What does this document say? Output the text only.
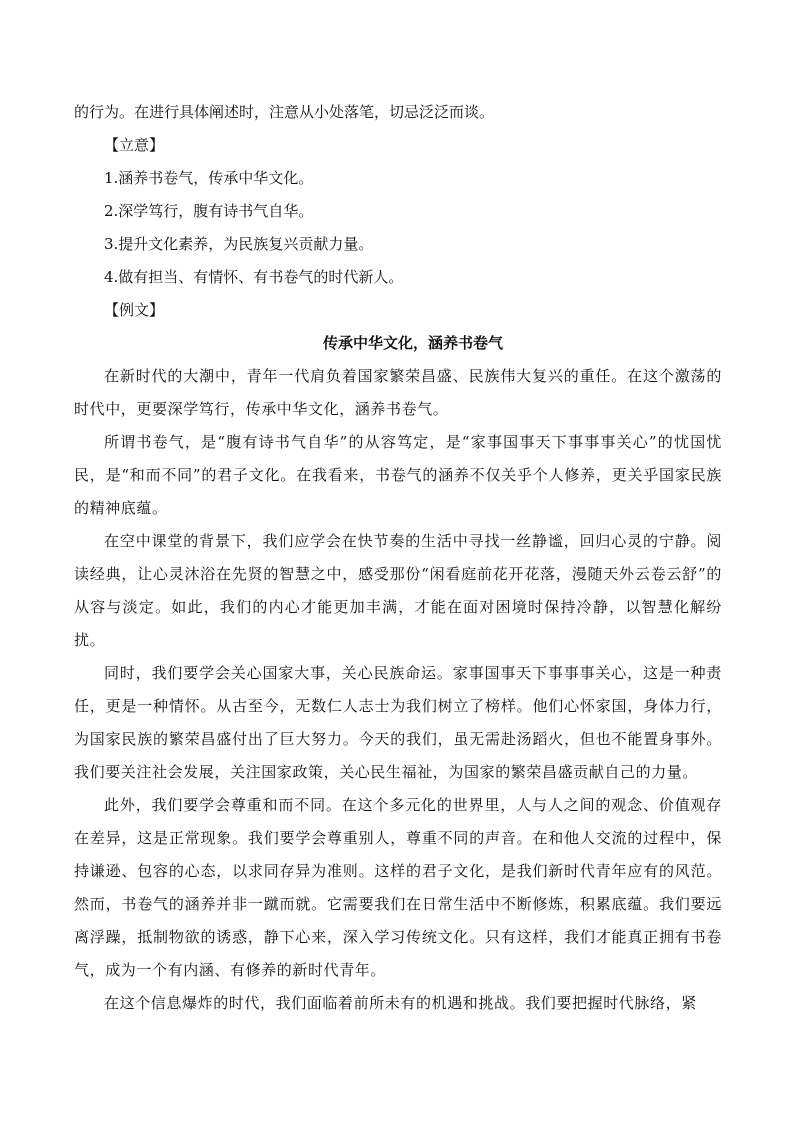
的行为。在进行具体阐述时，注意从小处落笔，切忌泛泛而谈。

【立意】

1.涵养书卷气，传承中华文化。

2.深学笃行，腹有诗书气自华。

3.提升文化素养，为民族复兴贡献力量。

4.做有担当、有情怀、有书卷气的时代新人。

【例文】

传承中华文化，涵养书卷气

在新时代的大潮中，青年一代肩负着国家繁荣昌盛、民族伟大复兴的重任。在这个激荡的时代中，更要深学笃行，传承中华文化，涵养书卷气。

所谓书卷气，是“腹有诗书气自华”的从容笃定，是“家事国事天下事事事关心”的忧国忧民，是“和而不同”的君子文化。在我看来，书卷气的涵养不仅关乎个人修养，更关乎国家民族的精神底蕴。

在空中课堂的背景下，我们应学会在快节奏的生活中寻找一丝静谧，回归心灵的宁静。阅读经典，让心灵沐浴在先贤的智慧之中，感受那份“闲看庭前花开花落，漫随天外云卷云舒”的从容与淡定。如此，我们的内心才能更加丰满，才能在面对困境时保持冷静，以智慧化解纷扰。

同时，我们要学会关心国家大事，关心民族命运。家事国事天下事事事关心，这是一种责任，更是一种情怀。从古至今，无数仁人志士为我们树立了榜样。他们心怀家国，身体力行，为国家民族的繁荣昌盛付出了巨大努力。今天的我们，虽无需赴汤蹈火，但也不能置身事外。我们要关注社会发展，关注国家政策，关心民生福祉，为国家的繁荣昌盛贡献自己的力量。

此外，我们要学会尊重和而不同。在这个多元化的世界里，人与人之间的观念、价值观存在差异，这是正常现象。我们要学会尊重别人，尊重不同的声音。在和他人交流的过程中，保持谦逊、包容的心态，以求同存异为准则。这样的君子文化，是我们新时代青年应有的风范。 然而，书卷气的涵养并非一蹴而就。它需要我们在日常生活中不断修炼，积累底蕴。我们要远离浮躁，抵制物欲的诱惑，静下心来，深入学习传统文化。只有这样，我们才能真正拥有书卷气，成为一个有内涵、有修养的新时代青年。

在这个信息爆炸的时代，我们面临着前所未有的机遇和挑战。我们要把握时代脉络，紧
